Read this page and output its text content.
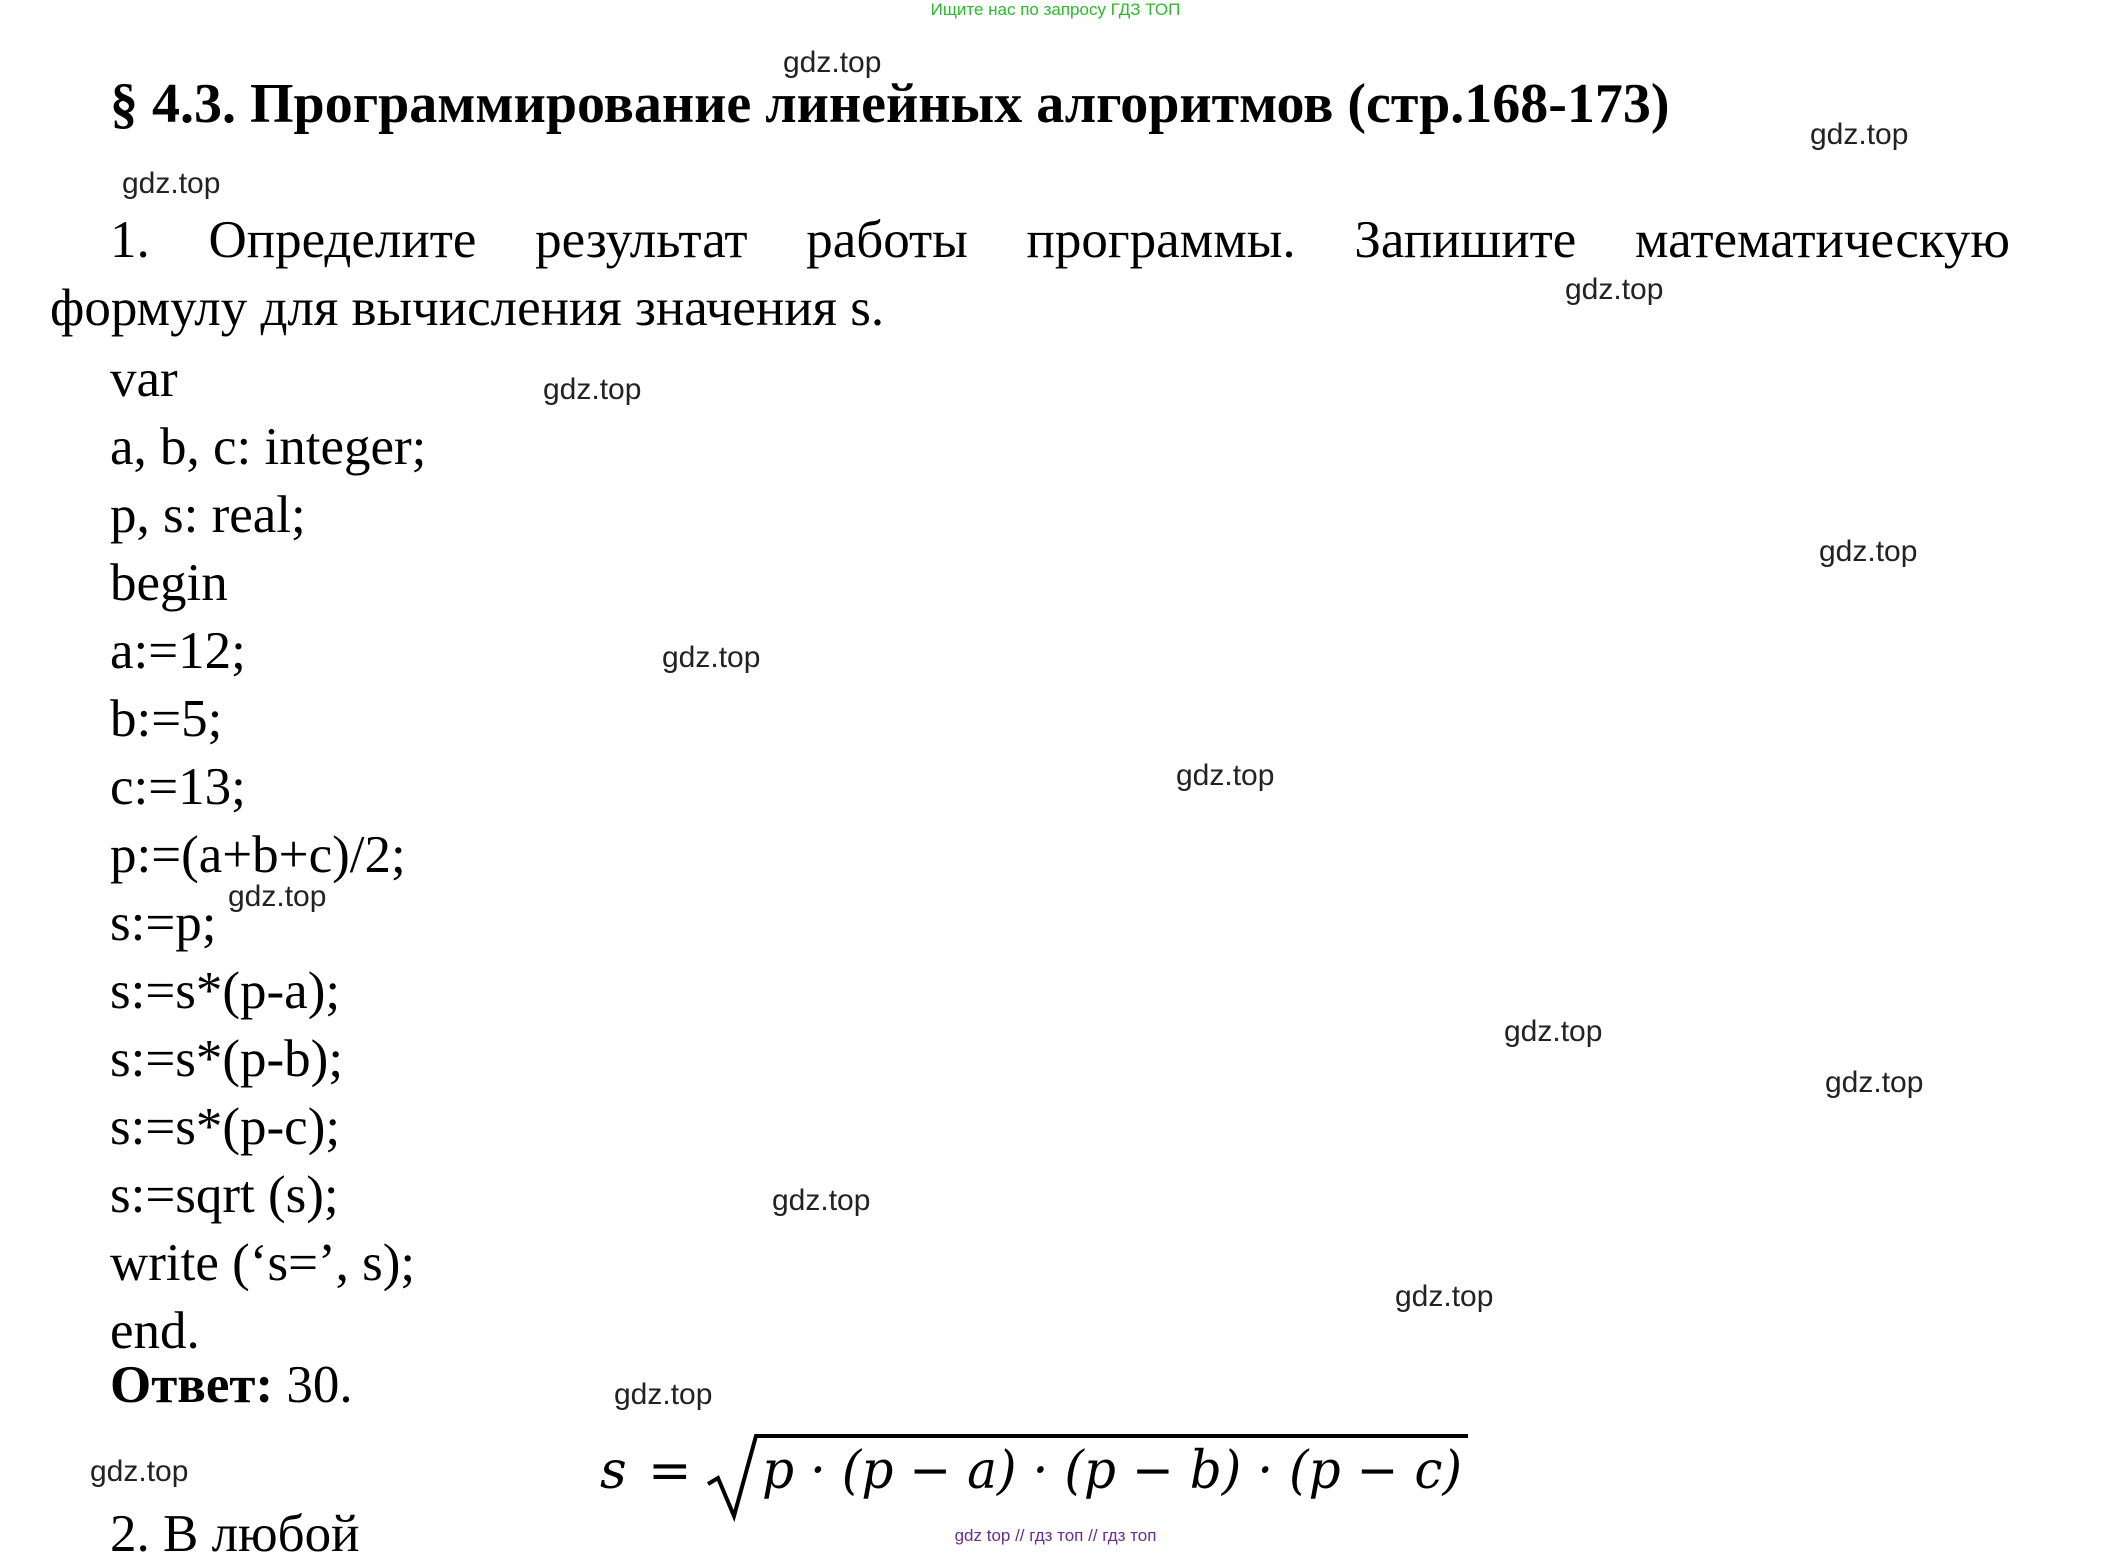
Ищите нас по запросу ГДЗ ТОП
§ 4.3. Программирование линейных алгоритмов (стр.168-173)
1. Определите результат работы программы. Запишите математическую
формулу для вычисления значения s.
var
a, b, c: integer;
p, s: real;
begin
a:=12;
b:=5;
c:=13;
p:=(a+b+c)/2;
s:=p;
s:=s*(p-a);
s:=s*(p-b);
s:=s*(p-c);
s:=sqrt (s);
write (‘s=’, s);
end.
Ответ: 30.
s = p · (p − a) · (p − b) · (p − c)
2. В любой
gdz.top
gdz.top
gdz.top
gdz.top
gdz.top
gdz.top
gdz.top
gdz.top
gdz.top
gdz.top
gdz.top
gdz.top
gdz.top
gdz.top
gdz.top
gdz top // гдз топ // гдз топ
